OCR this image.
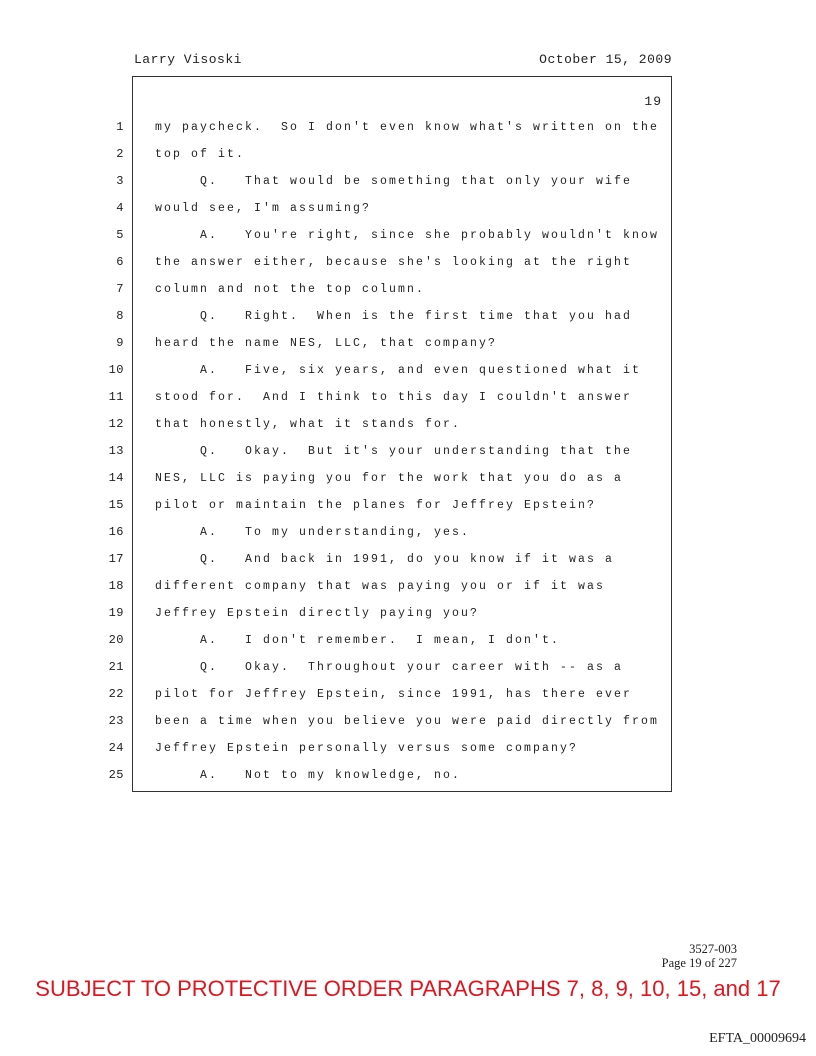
Larry Visoski	October 15, 2009
19
1	my paycheck.  So I don't even know what's written on the
2	top of it.
3	Q.   That would be something that only your wife
4	would see, I'm assuming?
5	A.   You're right, since she probably wouldn't know
6	the answer either, because she's looking at the right
7	column and not the top column.
8	Q.   Right.  When is the first time that you had
9	heard the name NES, LLC, that company?
10	A.   Five, six years, and even questioned what it
11	stood for.  And I think to this day I couldn't answer
12	that honestly, what it stands for.
13	Q.   Okay.  But it's your understanding that the
14	NES, LLC is paying you for the work that you do as a
15	pilot or maintain the planes for Jeffrey Epstein?
16	A.   To my understanding, yes.
17	Q.   And back in 1991, do you know if it was a
18	different company that was paying you or if it was
19	Jeffrey Epstein directly paying you?
20	A.   I don't remember.  I mean, I don't.
21	Q.   Okay.  Throughout your career with -- as a
22	pilot for Jeffrey Epstein, since 1991, has there ever
23	been a time when you believe you were paid directly from
24	Jeffrey Epstein personally versus some company?
25	A.   Not to my knowledge, no.
3527-003
Page 19 of 227
SUBJECT TO PROTECTIVE ORDER PARAGRAPHS 7, 8, 9, 10, 15, and 17
EFTA_00009694
